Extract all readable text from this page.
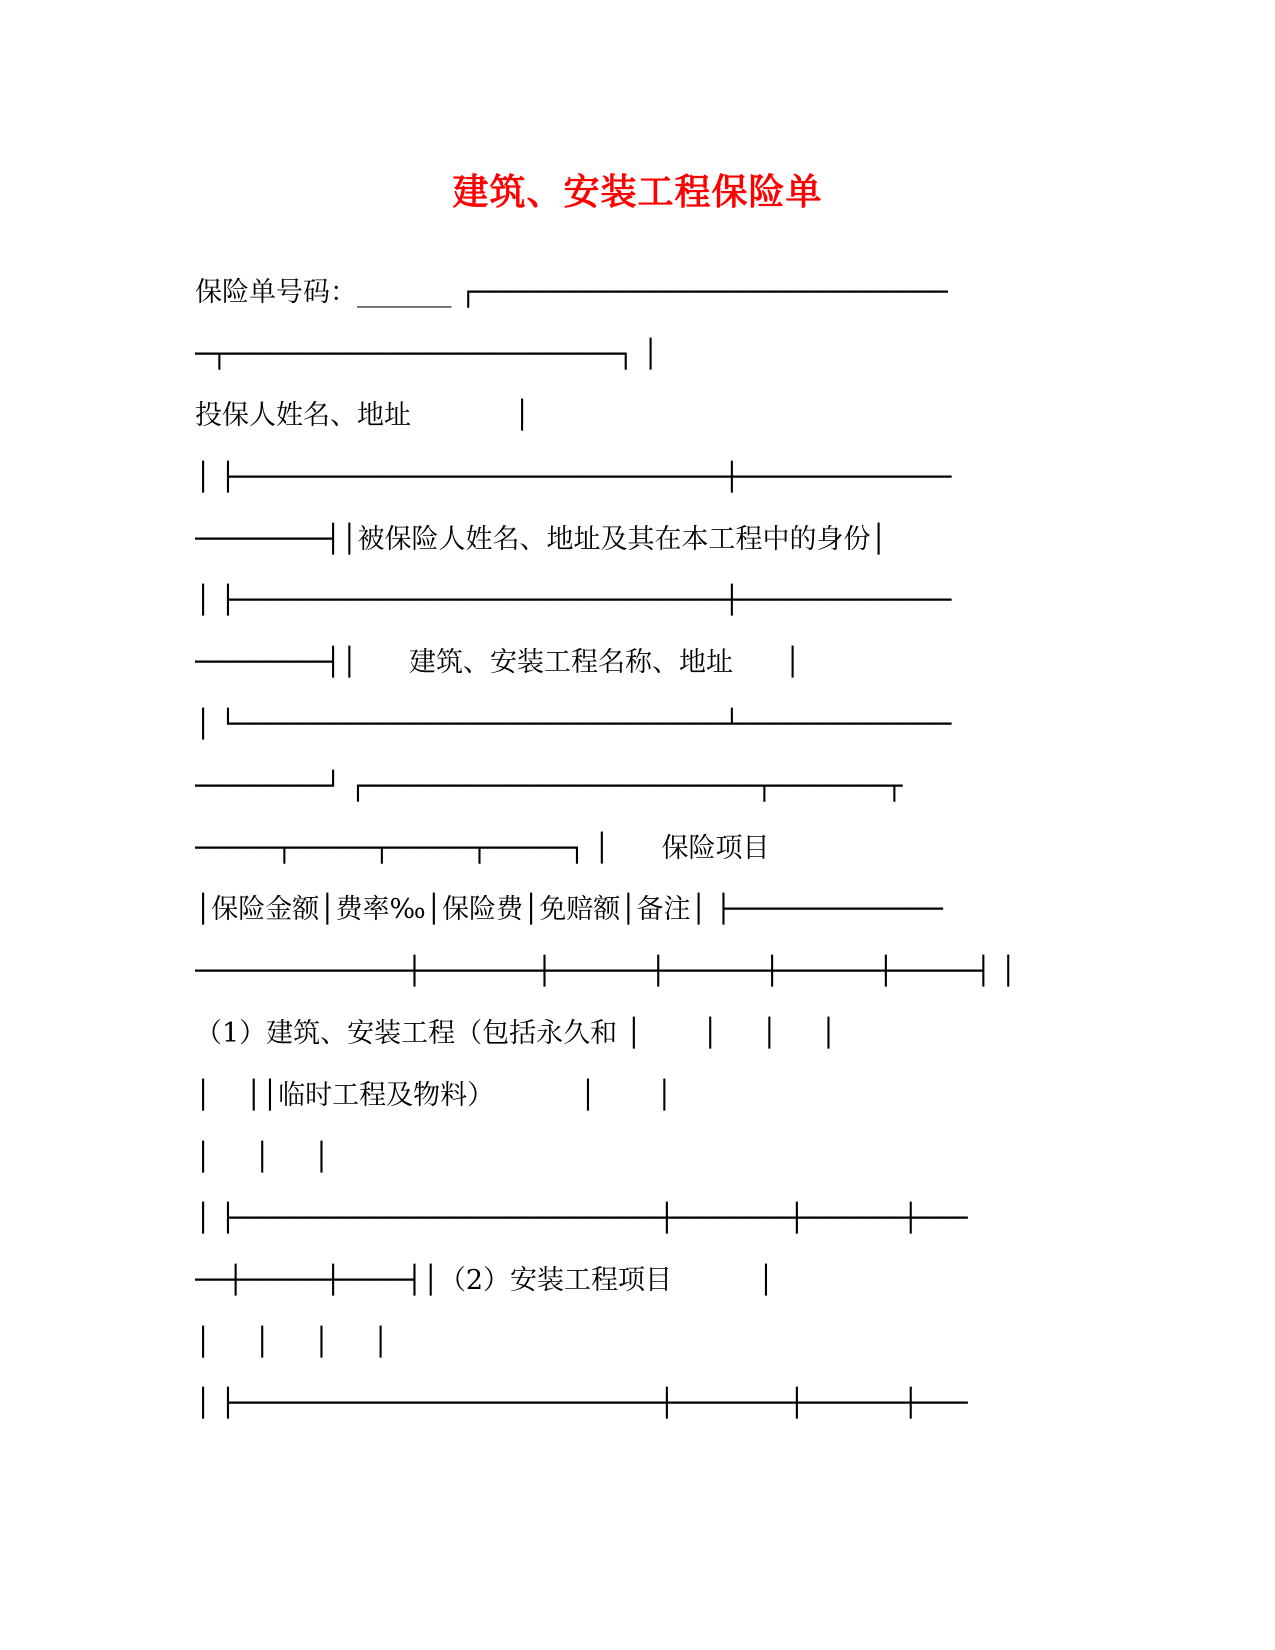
建筑、安装工程保险单
保险单号码：_______ ┌─────────────────────────────
─┬────────────────────────┐ │
投保人姓名、地址            │
│ ├──────────────────────────────┼─────────────
────────┤│被保险人姓名、地址及其在本工程中的身份│
│ ├──────────────────────────────┼─────────────
────────┤│      建筑、安装工程名称、地址      │
│ └──────────────────────────────┴─────────────
────────┘ ┌────────────────────────┬───────┬
─────┬─────┬─────┬─────┐ │      保险项目
│保险金额│费率‰│保险费│免赔额│备注│ ├─────────────
─────────────┼───────┼──────┼──────┼──────┼─────┤ │
（1）建筑、安装工程（包括永久和 │       │     │     │
│    ││临时工程及物料）          │       │
│     │     │
│ ├──────────────────────────┼───────┼──────┼───
──┼─────┼────┤│（2）安装工程项目          │
│     │     │     │
│ ├──────────────────────────┼───────┼──────┼───
